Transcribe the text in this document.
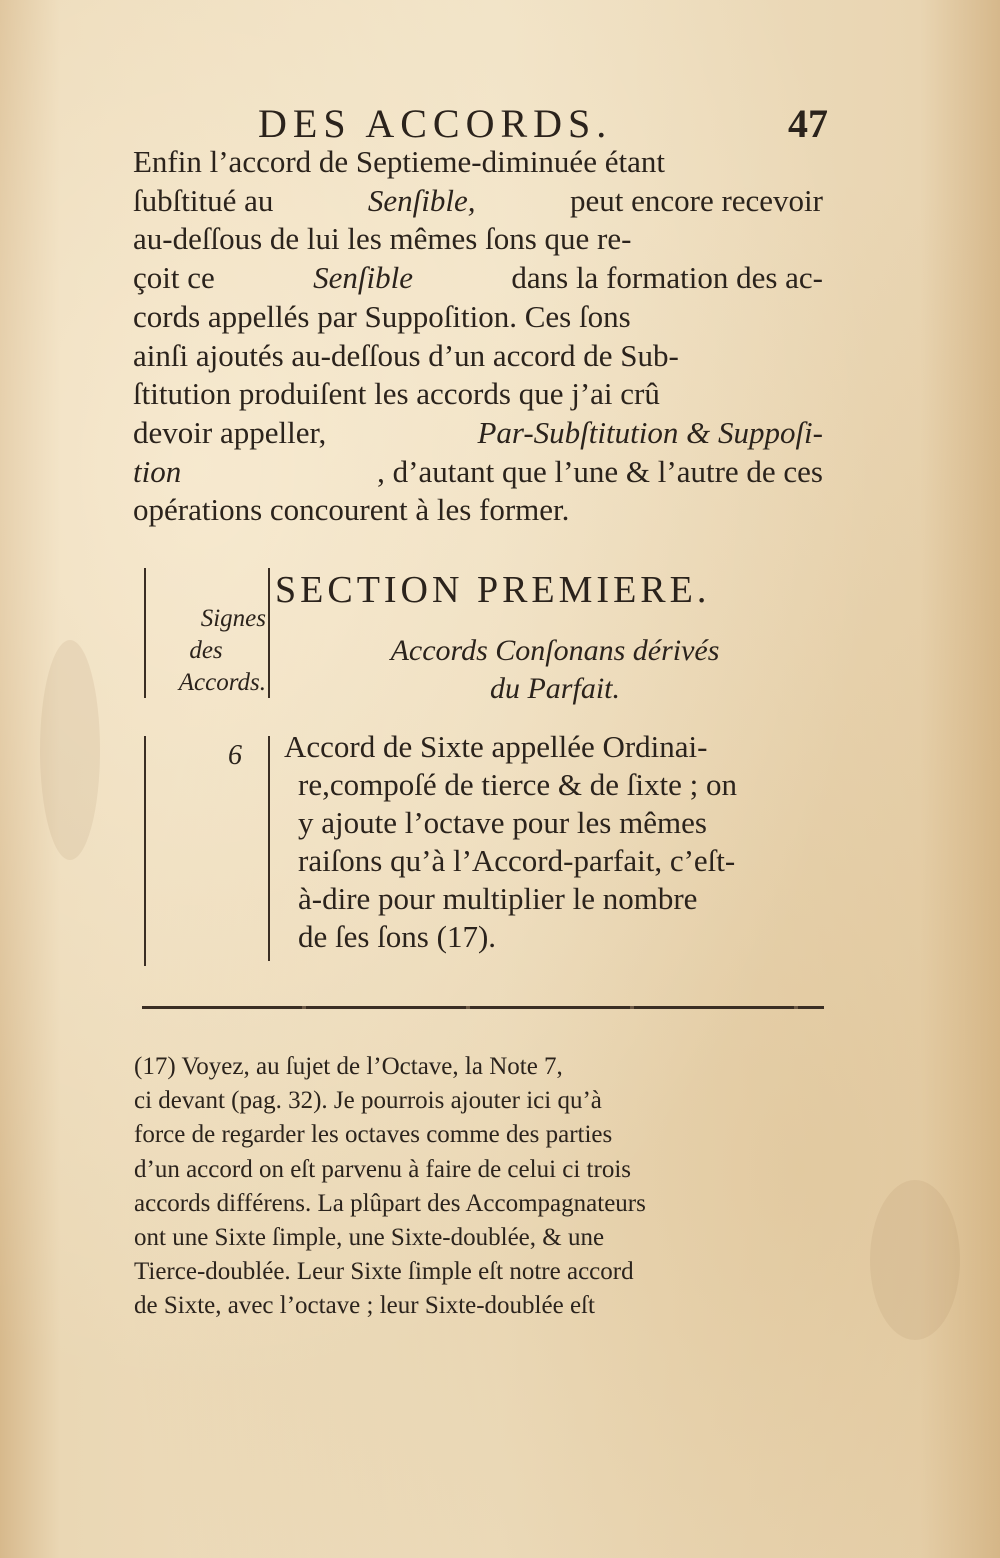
DES ACCORDS.	47
Enfin l’accord de Septieme-diminuée étant
ſubſtitué au	Senſible,	peut encore recevoir
au-deſſous de lui les mêmes ſons que re-
çoit ce	Senſible	dans la formation des ac-
cords appellés par Suppoſition. Ces ſons
ainſi ajoutés au-deſſous d’un accord de Sub-
ſtitution produiſent les accords que j’ai crû
devoir appeller,	Par-Subſtitution & Suppoſi-
tion	, d’autant que l’une & l’autre de ces
opérations concourent à les former.
Signes
des
Accords.
SECTION PREMIERE.
Accords Conſonans dérivés
du Parfait.
6 Accord de Sixte appellée Ordinai-
re,compoſé de tierce & de ſixte ; on
y ajoute l’octave pour les mêmes
raiſons qu’à l’Accord-parfait, c’eſt-
à-dire pour multiplier le nombre
de ſes ſons (17).
(17) Voyez, au ſujet de l’Octave, la Note 7,
ci devant (pag. 32). Je pourrois ajouter ici qu’à
force de regarder les octaves comme des parties
d’un accord on eſt parvenu à faire de celui ci trois
accords différens. La plûpart des Accompagnateurs
ont une Sixte ſimple, une Sixte-doublée, & une
Tierce-doublée. Leur Sixte ſimple eſt notre accord
de Sixte, avec l’octave ; leur Sixte-doublée eſt
